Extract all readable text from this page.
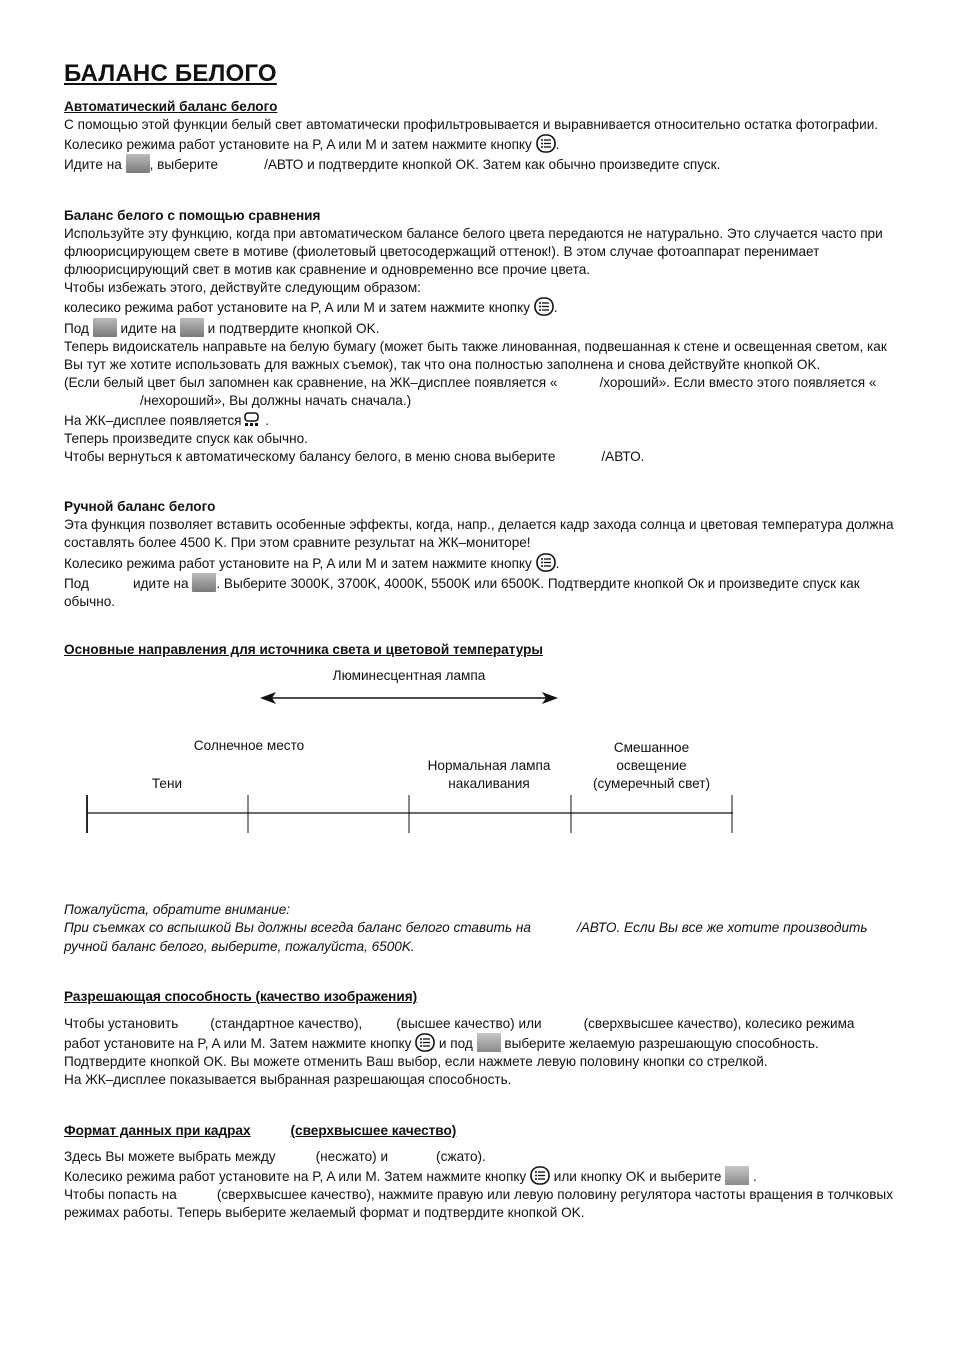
БАЛАНС БЕЛОГО

Автоматический баланс белого

С помощью этой функции белый свет автоматически профильтровывается и выравнивается относительно остатка фотографии.

Колесико режима работ установите на P, A или M и затем нажмите кнопку .

Идите на , выберите	/АВТО и подтвердите кнопкой OK. Затем как обычно произведите спуск.

Баланс белого с помощью сравнения

Используйте эту функцию, когда при автоматическом балансе белого цвета передаются не натурально. Это случается часто при флюорисцирующем свете в мотиве (фиолетовый цветосодержащий оттенок!). В этом случае фотоаппарат перенимает флюорисцирующий свет в мотив как сравнение и одновременно все прочие цвета.

Чтобы избежать этого, действуйте следующим образом:

колесико режима работ установите на P, A или M и затем нажмите кнопку .

Под  идите на  и подтвердите кнопкой OK.

Теперь видоискатель направьте на белую бумагу (может быть также линованная, подвешанная к стене и освещенная светом, как Вы тут же хотите использовать для важных съемок), так что она полностью заполнена и снова действуйте кнопкой OK.

(Если белый цвет был запомнен как сравнение, на ЖК–дисплее появляется «	/хороший». Если вместо этого появляется «/нехороший», Вы должны начать сначала.)

На ЖК–дисплее появляется .

Теперь произведите спуск как обычно.

Чтобы вернуться к автоматическому балансу белого, в меню снова выберите	/АВТО.

Ручной баланс белого

Эта функция позволяет вставить особенные эффекты, когда, напр., делается кадр захода солнца и цветовая температура должна составлять более 4500 K. При этом сравните результат на ЖК–мониторе!

Колесико режима работ установите на P, A или M и затем нажмите кнопку .

Под	идите на . Выберите 3000K, 3700K, 4000K, 5500K или 6500K. Подтвердите кнопкой Ок и произведите спуск как обычно.

Основные направления для источника света и цветовой температуры

Люминесцентная лампа
Солнечное место
Тени
Нормальная лампа
накаливания
Смешанное
освещение
(сумеречный свет)

Пожалуйста, обратите внимание:

При съемках со вспышкой Вы должны всегда баланс белого ставить на	/АВТО. Если Вы все же хотите производить ручной баланс белого, выберите, пожалуйста, 6500K.

Разрешающая способность (качество изображения)

Чтобы установить (стандартное качество),	(высшее качество) или	(сверхвысшее качество), колесико режима работ установите на P, A или M. Затем нажмите кнопку  и под  выберите желаемую разрешающую способность.

Подтвердите кнопкой OK. Вы можете отменить Ваш выбор, если нажмете левую половину кнопки со стрелкой.

На ЖК–дисплее показывается выбранная разрешающая способность.

Формат данных при кадрах	(сверхвысшее качество)

Здесь Вы можете выбрать между	(несжато) и	(сжато).

Колесико режима работ установите на P, A или M. Затем нажмите кнопку  или кнопку OK и выберите  .

Чтобы попасть на	(сверхвысшее качество), нажмите правую или левую половину регулятора частоты вращения в толчковых режимах работы. Теперь выберите желаемый формат и подтвердите кнопкой OK.
